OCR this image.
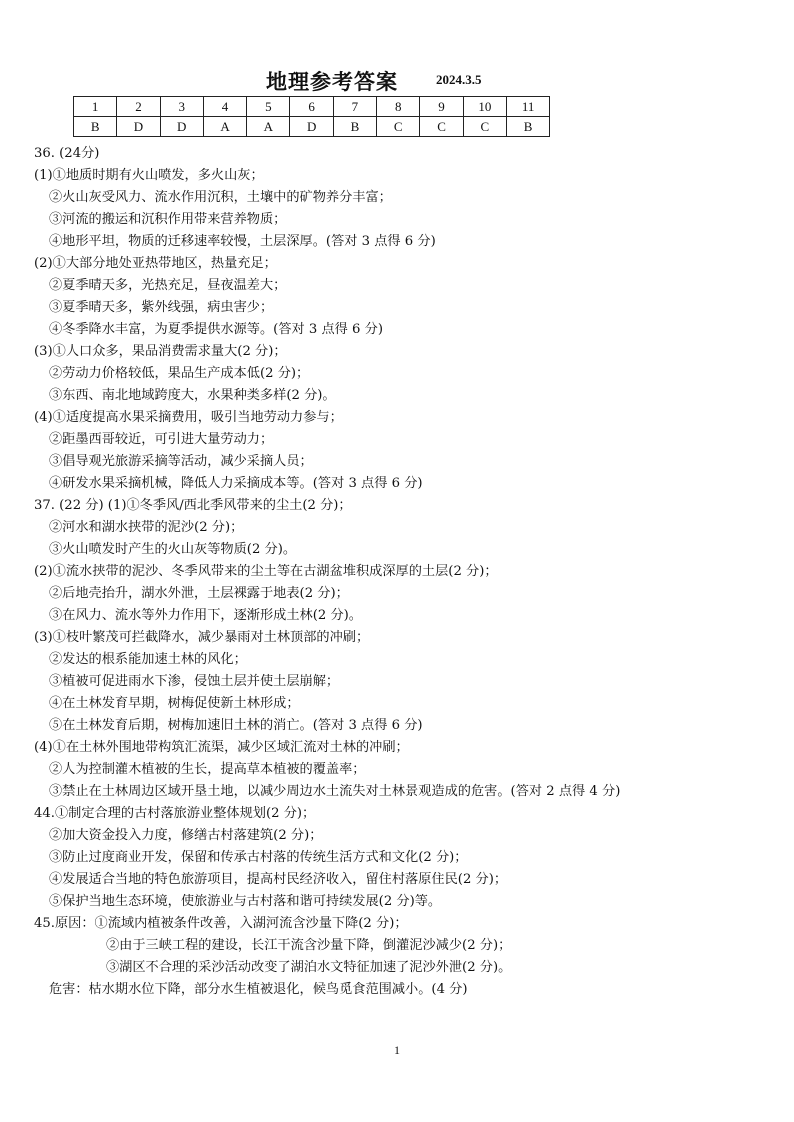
地理参考答案	2024.3.5
1	2	3	4	5	6	7	8	9	10	11
B	D	D	A	A	D	B	C	C	C	B
36. (24分)
(1)①地质时期有火山喷发，多火山灰；
②火山灰受风力、流水作用沉积，土壤中的矿物养分丰富；
③河流的搬运和沉积作用带来营养物质；
④地形平坦，物质的迁移速率较慢，土层深厚。(答对 3 点得 6 分)
(2)①大部分地处亚热带地区，热量充足；
②夏季晴天多，光热充足，昼夜温差大；
③夏季晴天多，紫外线强，病虫害少；
④冬季降水丰富，为夏季提供水源等。(答对 3 点得 6 分)
(3)①人口众多，果品消费需求量大(2 分)；
②劳动力价格较低，果品生产成本低(2 分)；
③东西、南北地域跨度大，水果种类多样(2 分)。
(4)①适度提高水果采摘费用，吸引当地劳动力参与；
②距墨西哥较近，可引进大量劳动力；
③倡导观光旅游采摘等活动，减少采摘人员；
④研发水果采摘机械，降低人力采摘成本等。(答对 3 点得 6 分)
37. (22 分) (1)①冬季风/西北季风带来的尘土(2 分)；
②河水和湖水挟带的泥沙(2 分)；
③火山喷发时产生的火山灰等物质(2 分)。
(2)①流水挟带的泥沙、冬季风带来的尘土等在古湖盆堆积成深厚的土层(2 分)；
②后地壳抬升，湖水外泄，土层裸露于地表(2 分)；
③在风力、流水等外力作用下，逐渐形成土林(2 分)。
(3)①枝叶繁茂可拦截降水，减少暴雨对土林顶部的冲刷；
②发达的根系能加速土林的风化；
③植被可促进雨水下渗，侵蚀土层并使土层崩解；
④在土林发育早期，树梅促使新土林形成；
⑤在土林发育后期，树梅加速旧土林的消亡。(答对 3 点得 6 分)
(4)①在土林外围地带构筑汇流渠，减少区域汇流对土林的冲刷；
②人为控制灌木植被的生长，提高草本植被的覆盖率；
③禁止在土林周边区域开垦土地，以减少周边水土流失对土林景观造成的危害。(答对 2 点得 4 分)
44.①制定合理的古村落旅游业整体规划(2 分)；
②加大资金投入力度，修缮古村落建筑(2 分)；
③防止过度商业开发，保留和传承古村落的传统生活方式和文化(2 分)；
④发展适合当地的特色旅游项目，提高村民经济收入，留住村落原住民(2 分)；
⑤保护当地生态环境，使旅游业与古村落和谐可持续发展(2 分)等。
45.原因：①流域内植被条件改善，入湖河流含沙量下降(2 分)；
②由于三峡工程的建设，长江干流含沙量下降，倒灌泥沙减少(2 分)；
③湖区不合理的采沙活动改变了湖泊水文特征加速了泥沙外泄(2 分)。
危害：枯水期水位下降，部分水生植被退化，候鸟觅食范围减小。(4 分)
1
